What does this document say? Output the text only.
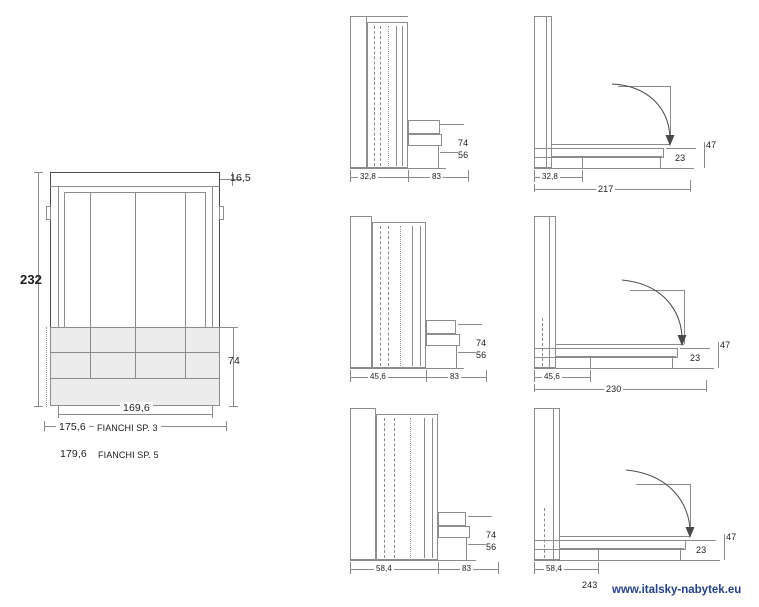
232
16,5
74
169,6
175,6	FIANCHI SP. 3
179,6 FIANCHI SP. 5
74
56
32,8	83
23
47
32,8
217
74
56
45,6	83
23
47
45,6
230
74
56
58,4	83
23
47
58,4
243 www.italsky-nabytek.eu
